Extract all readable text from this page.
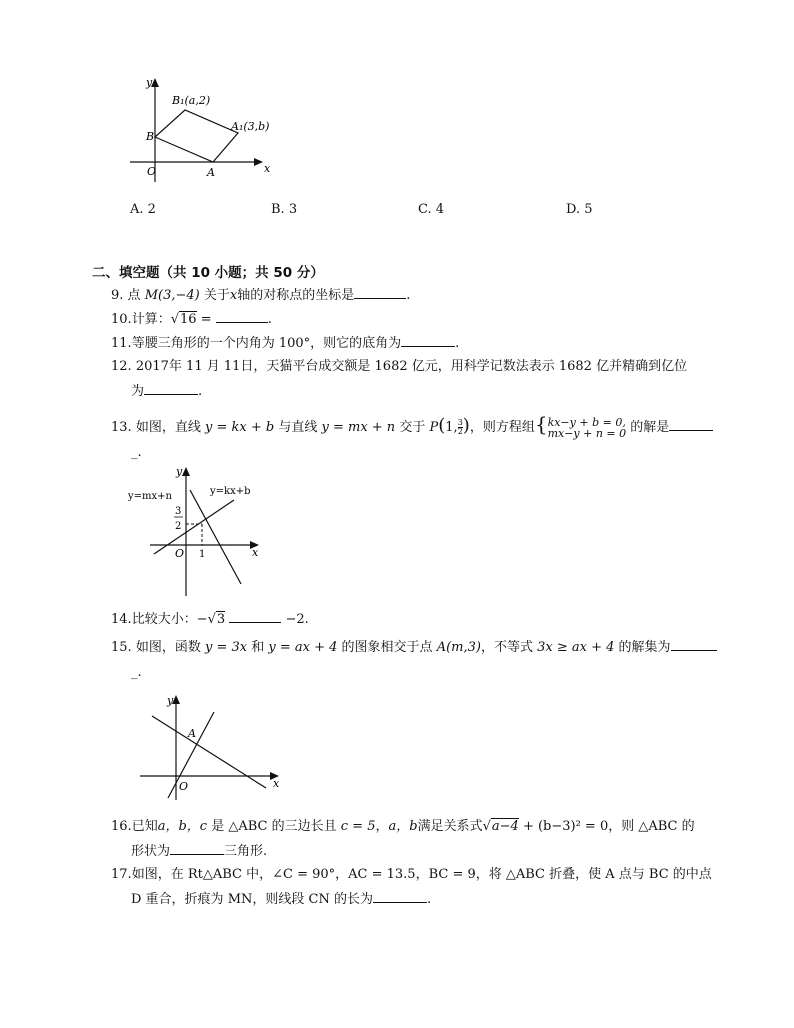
y
x
O
B
A
B₁(a,2)
A₁(3,b)
A. 2	B. 3	C. 4	D. 5
二、填空题（共 10 小题；共 50 分）
9. 点 M(3,−4) 关于x轴的对称点的坐标是	.
10.计算：√16 =	.
11.等腰三角形的一个内角为 100°，则它的底角为	.
12. 2017年 11 月 11日，天猫平台成交额是 1682 亿元，用科学记数法表示 1682 亿并精确到亿位
为	.
13. 如图，直线 y = kx + b 与直线 y = mx + n 交于 P(1, $\frac{3}{2}$ )，则方程组{ kx−y + b = 0,
mx−y + n = 0 的解是
_.
y
x
O
y=mx+n	y=kx+b
3
2
1
14.比较大小：−√3	−2.
15. 如图，函数 y = 3x 和 y = ax + 4 的图象相交于点 A(m,3)，不等式 3x ≥ ax + 4 的解集为
_.
y
x
O
A
16.已知a，b，c 是 △ABC 的三边长且 c = 5，a，b满足关系式√a−4 + (b−3)² = 0，则 △ABC 的
形状为	三角形.
17.如图，在 Rt△ABC 中，∠C = 90°，AC = 13.5，BC = 9，将 △ABC 折叠，使 A 点与 BC 的中点
D 重合，折痕为 MN，则线段 CN 的长为	.
